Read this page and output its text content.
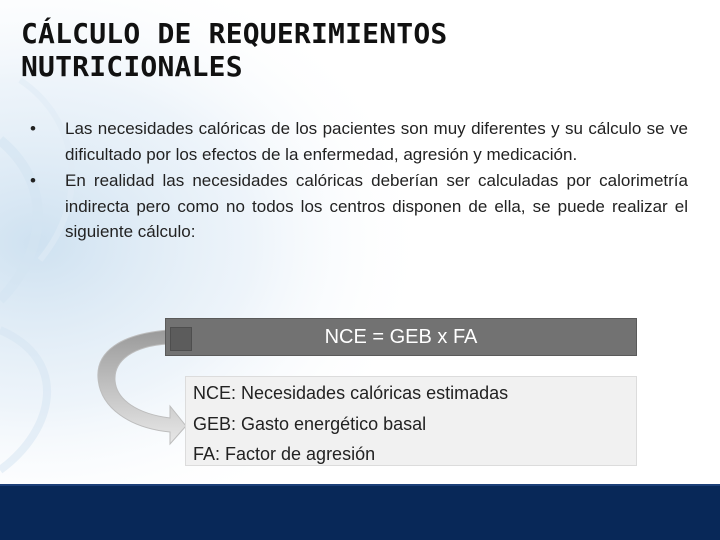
CÁLCULO DE REQUERIMIENTOS
NUTRICIONALES
•	Las necesidades calóricas de los pacientes son muy diferentes y su cálculo se ve dificultado por los efectos de la enfermedad, agresión y medicación.
•	En realidad las necesidades calóricas deberían ser calculadas por calorimetría indirecta pero como no todos los centros disponen de ella, se puede realizar el siguiente cálculo:
NCE = GEB x FA
NCE: Necesidades calóricas estimadas
GEB: Gasto energético basal
FA: Factor de agresión
